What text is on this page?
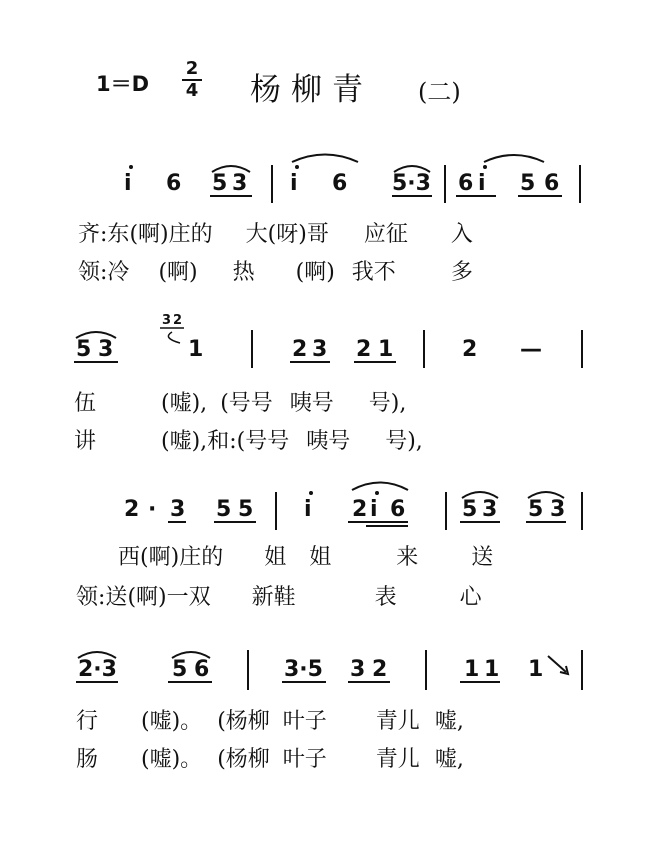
1＝D
2
4 杨柳青 (二)
i 6 5 3 i 6 5·3 6 i 5 6
齐:东(啊)庄的 大(呀)哥 应征 入
领:冷 (啊) 热 (啊) 我不	多
5 3
3 2
1	2 3 2 1	2 —
伍	(嘘), (号号 咦号 号),
讲	(嘘),和:(号号 咦号 号),
2 · 3 5 5 i 2 i 6	5 3 5 3
西(啊)庄的 姐 姐	来 送
领:送(啊)一双 新鞋	表	心
2·3	5 6	3·5 3 2	1 1 1
行 (嘘)。 (杨柳 叶子 青儿 嘘,
肠 (嘘)。 (杨柳 叶子 青儿 嘘,
